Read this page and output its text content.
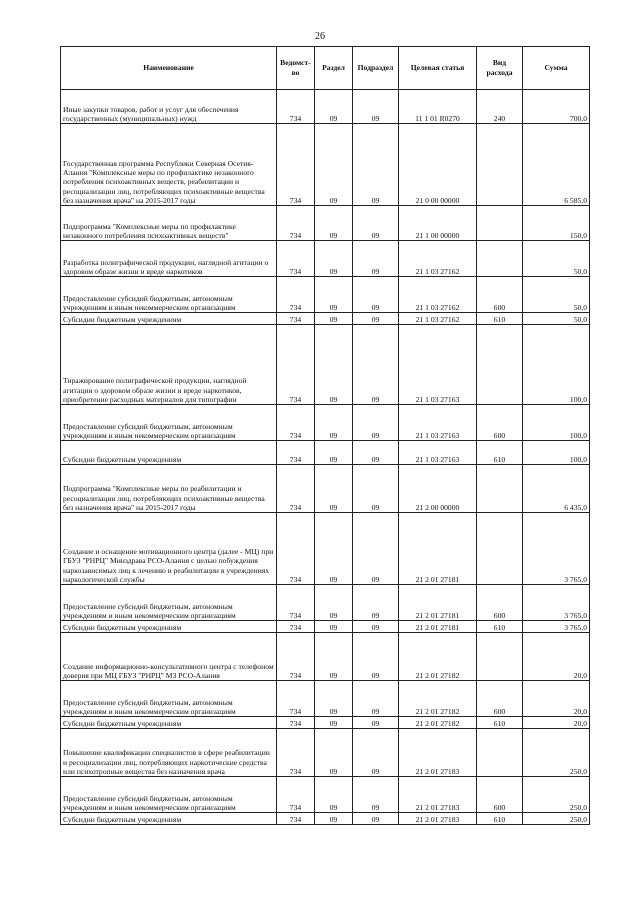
26
Наименование	Ведомст-во	Раздел	Подраздел	Целевая статья	Вид расхода	Сумма
Иные закупки товаров, работ и услуг для обеспечения государственных (муниципальных) нужд	734	09	09	11 1 01 R0270	240	700,0
Государственная программа Республики Северная Осетия-Алания "Комплексные меры по профилактике незаконного потребления психоактивных веществ, реабилитации и ресоциализации лиц, потребляющих психоактивные вещества без назначения врача" на 2015-2017 годы	734	09	09	21 0 00 00000		6 585,0
Подпрограмма "Комплексные меры по профилактике незаконного потребления психоактивных веществ"	734	09	09	21 1 00 00000		150,0
Разработка полиграфической продукции, наглядной агитации о здоровом образе жизни и вреде наркотиков	734	09	09	21 1 03 27162		50,0
Предоставление субсидий бюджетным, автономным учреждениям и иным некоммерческим организациям	734	09	09	21 1 03 27162	600	50,0
Субсидии бюджетным учреждениям	734	09	09	21 1 03 27162	610	50,0
Тиражирование полиграфической продукции, наглядной агитации о здоровом образе жизни и вреде наркотиков, приобретение расходных материалов для типографии	734	09	09	21 1 03 27163		100,0
Предоставление субсидий бюджетным, автономным учреждениям и иным некоммерческим организациям	734	09	09	21 1 03 27163	600	100,0
Субсидии бюджетным учреждениям	734	09	09	21 1 03 27163	610	100,0
Подпрограмма "Комплексные меры по реабилитации и ресоциализации лиц, потребляющих психоактивные вещества без назначения врача" на 2015-2017 годы	734	09	09	21 2 00 00000		6 435,0
Создание и оснащение мотивационного центра (далее - МЦ) при ГБУЗ "РНРЦ" Минздрава РСО-Алания с целью побуждения наркозависимых лиц к лечению и реабилитации в учреждениях наркологической службы	734	09	09	21 2 01 27181		3 765,0
Предоставление субсидий бюджетным, автономным учреждениям и иным некоммерческим организациям	734	09	09	21 2 01 27181	600	3 765,0
Субсидии бюджетным учреждениям	734	09	09	21 2 01 27181	610	3 765,0
Создание информационно-консультативного центра с телефоном доверия при МЦ ГБУЗ "РНРЦ" МЗ РСО-Алания	734	09	09	21 2 01 27182		20,0
Предоставление субсидий бюджетным, автономным учреждениям и иным некоммерческим организациям	734	09	09	21 2 01 27182	600	20,0
Субсидии бюджетным учреждениям	734	09	09	21 2 01 27182	610	20,0
Повышение квалификации специалистов в сфере реабилитации и ресоциализации лиц, потребляющих наркотические средства или психотропные вещества без назначения врача	734	09	09	21 2 01 27183		250,0
Предоставление субсидий бюджетным, автономным учреждениям и иным некоммерческим организациям	734	09	09	21 2 01 27183	600	250,0
Субсидии бюджетным учреждениям	734	09	09	21 2 01 27183	610	250,0
